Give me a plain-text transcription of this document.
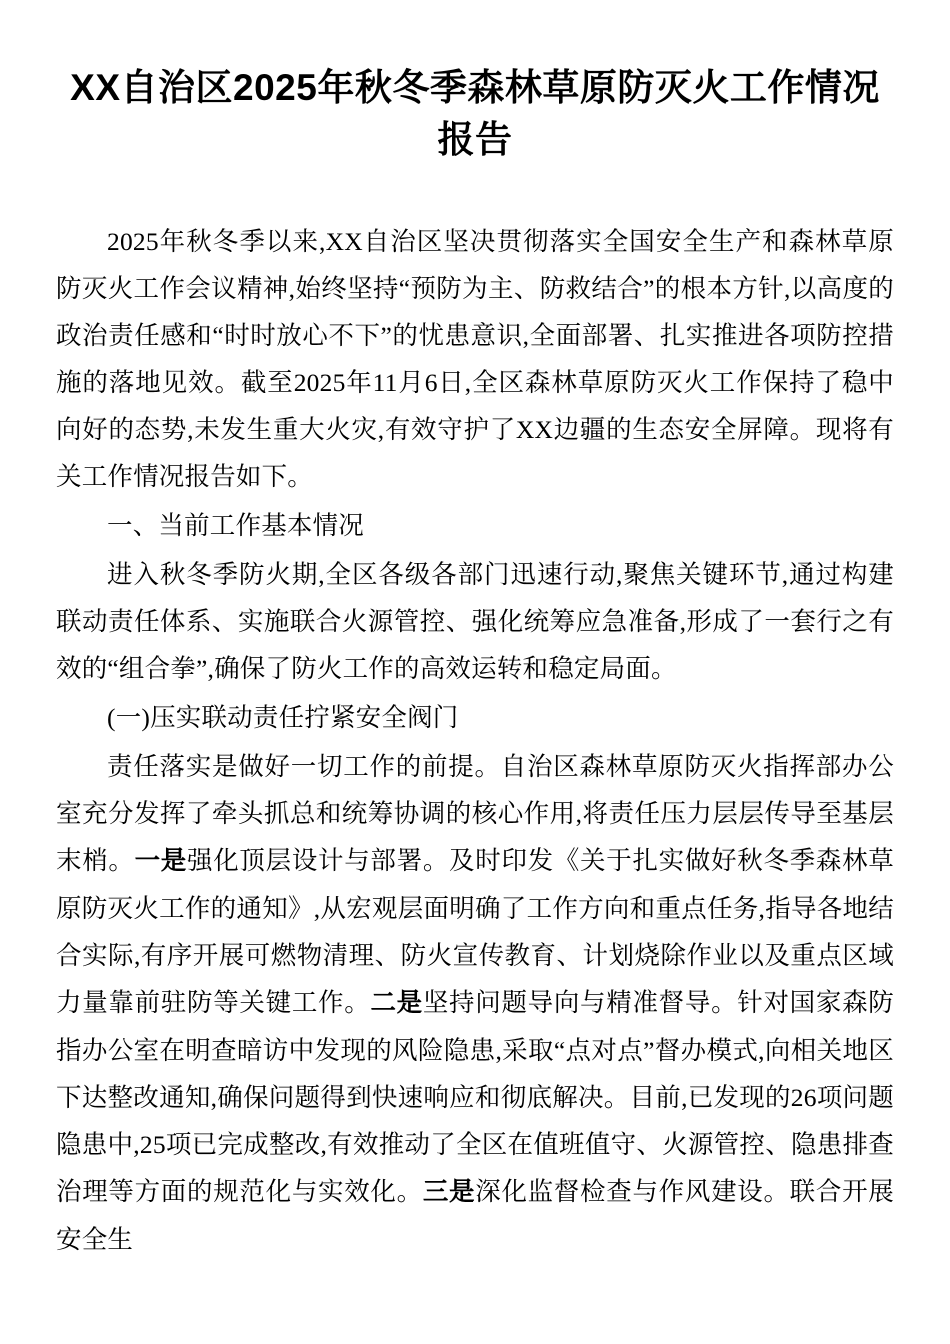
XX自治区2025年秋冬季森林草原防灭火工作情况报告

2025年秋冬季以来,XX自治区坚决贯彻落实全国安全生产和森林草原防灭火工作会议精神,始终坚持“预防为主、防救结合”的根本方针,以高度的政治责任感和“时时放心不下”的忧患意识,全面部署、扎实推进各项防控措施的落地见效。截至2025年11月6日,全区森林草原防灭火工作保持了稳中向好的态势,未发生重大火灾,有效守护了XX边疆的生态安全屏障。现将有关工作情况报告如下。

一、当前工作基本情况

进入秋冬季防火期,全区各级各部门迅速行动,聚焦关键环节,通过构建联动责任体系、实施联合火源管控、强化统筹应急准备,形成了一套行之有效的“组合拳”,确保了防火工作的高效运转和稳定局面。

(一)压实联动责任拧紧安全阀门

责任落实是做好一切工作的前提。自治区森林草原防灭火指挥部办公室充分发挥了牵头抓总和统筹协调的核心作用,将责任压力层层传导至基层末梢。一是强化顶层设计与部署。及时印发《关于扎实做好秋冬季森林草原防灭火工作的通知》,从宏观层面明确了工作方向和重点任务,指导各地结合实际,有序开展可燃物清理、防火宣传教育、计划烧除作业以及重点区域力量靠前驻防等关键工作。二是坚持问题导向与精准督导。针对国家森防指办公室在明查暗访中发现的风险隐患,采取“点对点”督办模式,向相关地区下达整改通知,确保问题得到快速响应和彻底解决。目前,已发现的26项问题隐患中,25项已完成整改,有效推动了全区在值班值守、火源管控、隐患排查治理等方面的规范化与实效化。三是深化监督检查与作风建设。联合开展安全生
